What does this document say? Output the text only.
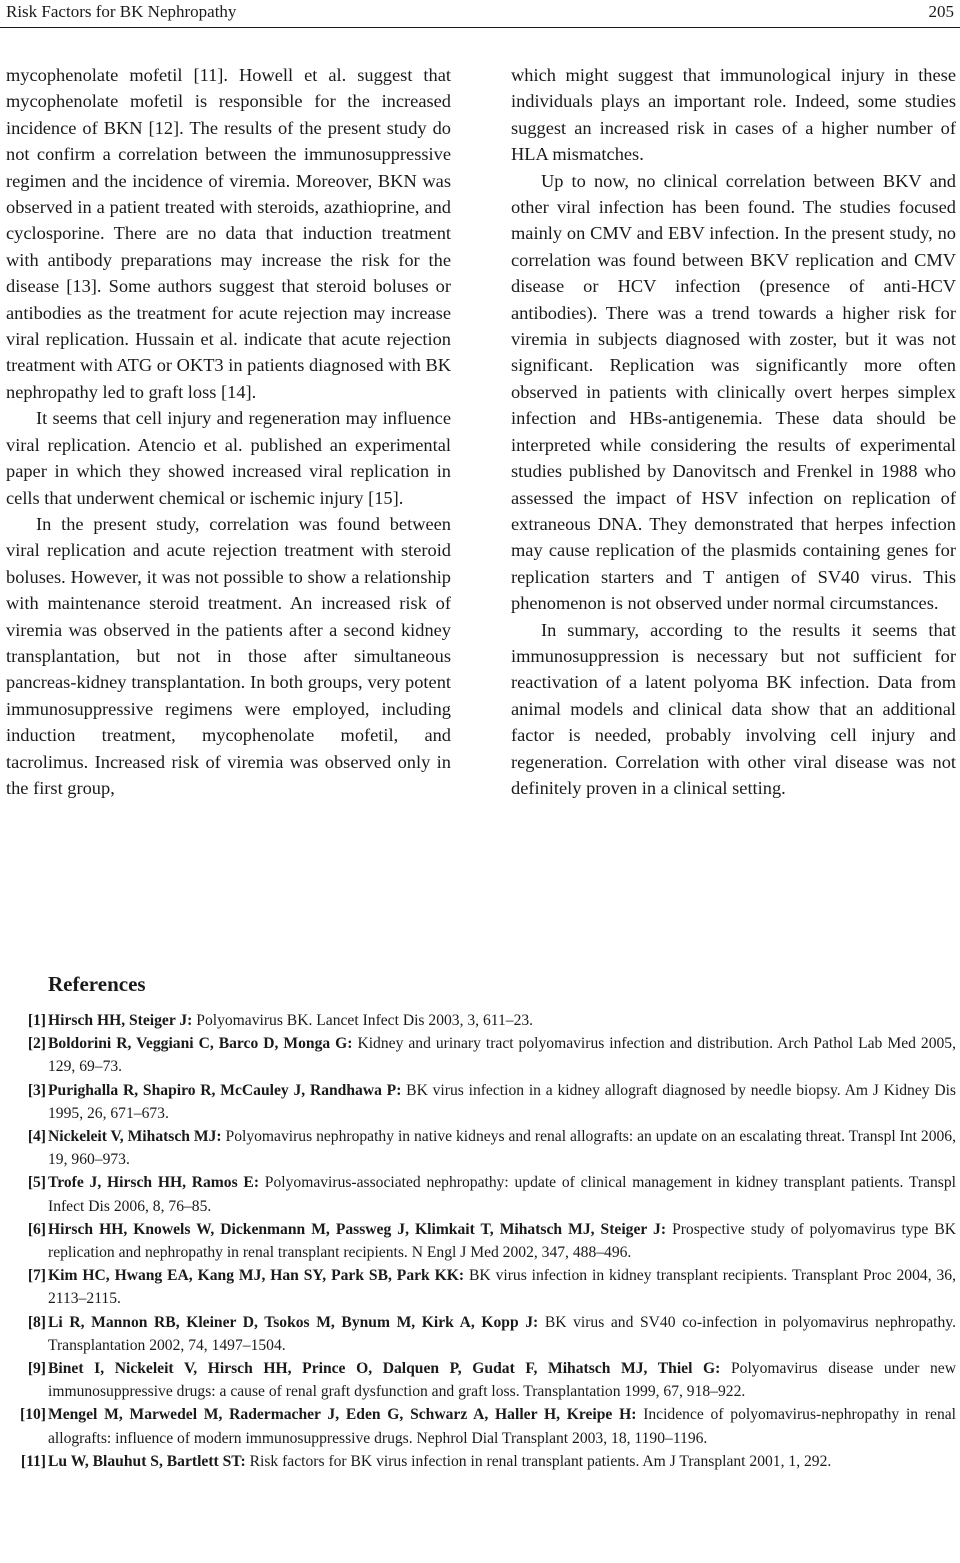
Risk Factors for BK Nephropathy	205

mycophenolate mofetil [11]. Howell et al. suggest that mycophenolate mofetil is responsible for the increased incidence of BKN [12]. The results of the present study do not confirm a correlation between the immunosuppressive regimen and the incidence of viremia. Moreover, BKN was observed in a patient treated with steroids, azathioprine, and cyclosporine. There are no data that induction treatment with antibody preparations may increase the risk for the disease [13]. Some authors suggest that steroid boluses or antibodies as the treatment for acute rejection may increase viral replication. Hussain et al. indicate that acute rejection treatment with ATG or OKT3 in patients diagnosed with BK nephropathy led to graft loss [14].

It seems that cell injury and regeneration may influence viral replication. Atencio et al. published an experimental paper in which they showed increased viral replication in cells that underwent chemical or ischemic injury [15].

In the present study, correlation was found between viral replication and acute rejection treatment with steroid boluses. However, it was not possible to show a relationship with maintenance steroid treatment. An increased risk of viremia was observed in the patients after a second kidney transplantation, but not in those after simultaneous pancreas-kidney transplantation. In both groups, very potent immunosuppressive regimens were employed, including induction treatment, mycophenolate mofetil, and tacrolimus. Increased risk of viremia was observed only in the first group,

which might suggest that immunological injury in these individuals plays an important role. Indeed, some studies suggest an increased risk in cases of a higher number of HLA mismatches.

Up to now, no clinical correlation between BKV and other viral infection has been found. The studies focused mainly on CMV and EBV infection. In the present study, no correlation was found between BKV replication and CMV disease or HCV infection (presence of anti-HCV antibodies). There was a trend towards a higher risk for viremia in subjects diagnosed with zoster, but it was not significant. Replication was significantly more often observed in patients with clinically overt herpes simplex infection and HBs-antigenemia. These data should be interpreted while considering the results of experimental studies published by Danovitsch and Frenkel in 1988 who assessed the impact of HSV infection on replication of extraneous DNA. They demonstrated that herpes infection may cause replication of the plasmids containing genes for replication starters and T antigen of SV40 virus. This phenomenon is not observed under normal circumstances.

In summary, according to the results it seems that immunosuppression is necessary but not sufficient for reactivation of a latent polyoma BK infection. Data from animal models and clinical data show that an additional factor is needed, probably involving cell injury and regeneration. Correlation with other viral disease was not definitely proven in a clinical setting.

References
[1] Hirsch HH, Steiger J: Polyomavirus BK. Lancet Infect Dis 2003, 3, 611–23.
[2] Boldorini R, Veggiani C, Barco D, Monga G: Kidney and urinary tract polyomavirus infection and distribution. Arch Pathol Lab Med 2005, 129, 69–73.
[3] Purighalla R, Shapiro R, McCauley J, Randhawa P: BK virus infection in a kidney allograft diagnosed by needle biopsy. Am J Kidney Dis 1995, 26, 671–673.
[4] Nickeleit V, Mihatsch MJ: Polyomavirus nephropathy in native kidneys and renal allografts: an update on an escalating threat. Transpl Int 2006, 19, 960–973.
[5] Trofe J, Hirsch HH, Ramos E: Polyomavirus-associated nephropathy: update of clinical management in kidney transplant patients. Transpl Infect Dis 2006, 8, 76–85.
[6] Hirsch HH, Knowels W, Dickenmann M, Passweg J, Klimkait T, Mihatsch MJ, Steiger J: Prospective study of polyomavirus type BK replication and nephropathy in renal transplant recipients. N Engl J Med 2002, 347, 488–496.
[7] Kim HC, Hwang EA, Kang MJ, Han SY, Park SB, Park KK: BK virus infection in kidney transplant recipients. Transplant Proc 2004, 36, 2113–2115.
[8] Li R, Mannon RB, Kleiner D, Tsokos M, Bynum M, Kirk A, Kopp J: BK virus and SV40 co-infection in polyomavirus nephropathy. Transplantation 2002, 74, 1497–1504.
[9] Binet I, Nickeleit V, Hirsch HH, Prince O, Dalquen P, Gudat F, Mihatsch MJ, Thiel G: Polyomavirus disease under new immunosuppressive drugs: a cause of renal graft dysfunction and graft loss. Transplantation 1999, 67, 918–922.
[10] Mengel M, Marwedel M, Radermacher J, Eden G, Schwarz A, Haller H, Kreipe H: Incidence of polyomavirus-nephropathy in renal allografts: influence of modern immunosuppressive drugs. Nephrol Dial Transplant 2003, 18, 1190–1196.
[11] Lu W, Blauhut S, Bartlett ST: Risk factors for BK virus infection in renal transplant patients. Am J Transplant 2001, 1, 292.
